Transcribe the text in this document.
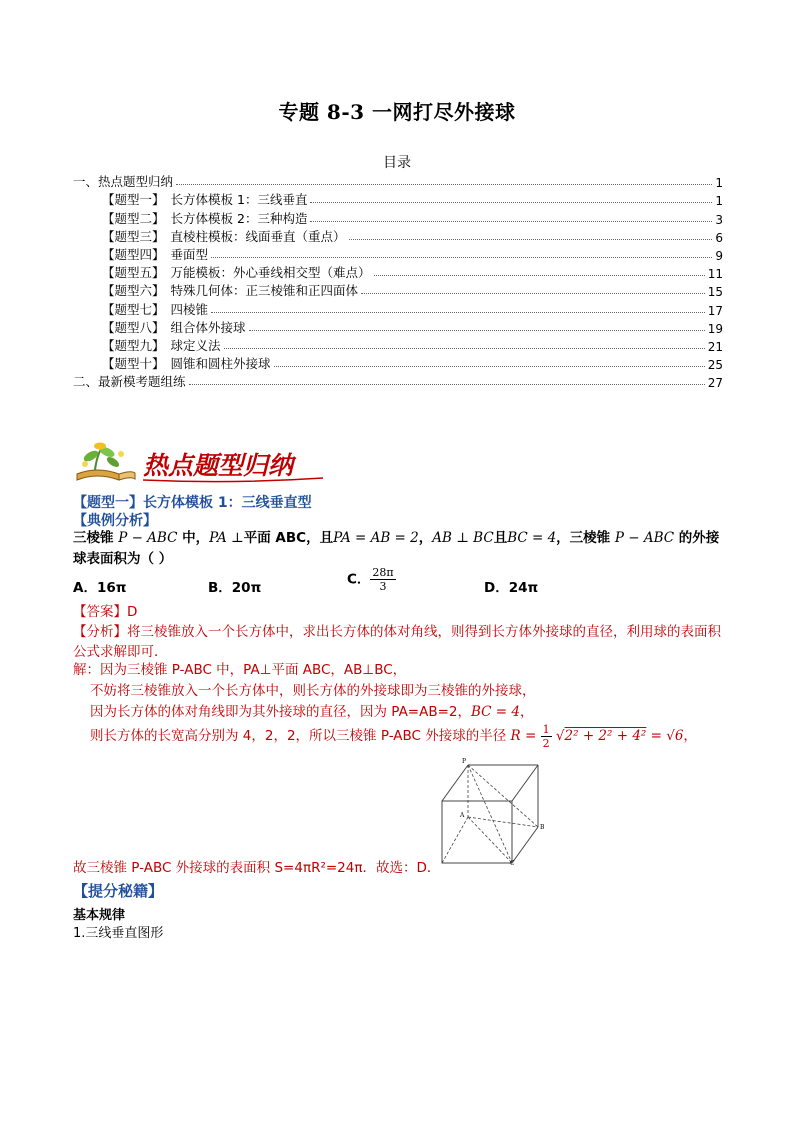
专题 8-3 一网打尽外接球
目录
一、热点题型归纳	1
【题型一】 长方体模板 1：三线垂直	1
【题型二】 长方体模板 2：三种构造	3
【题型三】 直棱柱模板：线面垂直（重点）	6
【题型四】 垂面型	9
【题型五】 万能模板：外心垂线相交型（难点）	11
【题型六】 特殊几何体：正三棱锥和正四面体	15
【题型七】 四棱锥	17
【题型八】 组合体外接球	19
【题型九】 球定义法	21
【题型十】 圆锥和圆柱外接球	25
二、最新模考题组练	27
热点题型归纳
【题型一】长方体模板 1：三线垂直型
【典例分析】
三棱锥 P − ABC 中，PA ⊥平面 ABC，且PA = AB = 2，AB ⊥ BC且BC = 4，三棱锥 P − ABC 的外接球表面积为（ ）
A．16π	B．20π
C． $\frac{28\pi}{3}$	D．24π
【答案】D
【分析】将三棱锥放入一个长方体中，求出长方体的体对角线，则得到长方体外接球的直径，利用球的表面积公式求解即可．
解：因为三棱锥 P-ABC 中，PA⊥平面 ABC，AB⊥BC，
不妨将三棱锥放入一个长方体中，则长方体的外接球即为三棱锥的外接球，
因为长方体的体对角线即为其外接球的直径，因为 PA=AB=2，BC = 4，
则长方体的长宽高分别为 4，2，2，所以三棱锥 P-ABC 外接球的半径 $R = \frac{1}{2} √2^2 + 2^2 + 4^2 = √6$，
P
A
B
C
故三棱锥 P-ABC 外接球的表面积 S=4πR²=24π．故选：D．
【提分秘籍】
基本规律
1.三线垂直图形
